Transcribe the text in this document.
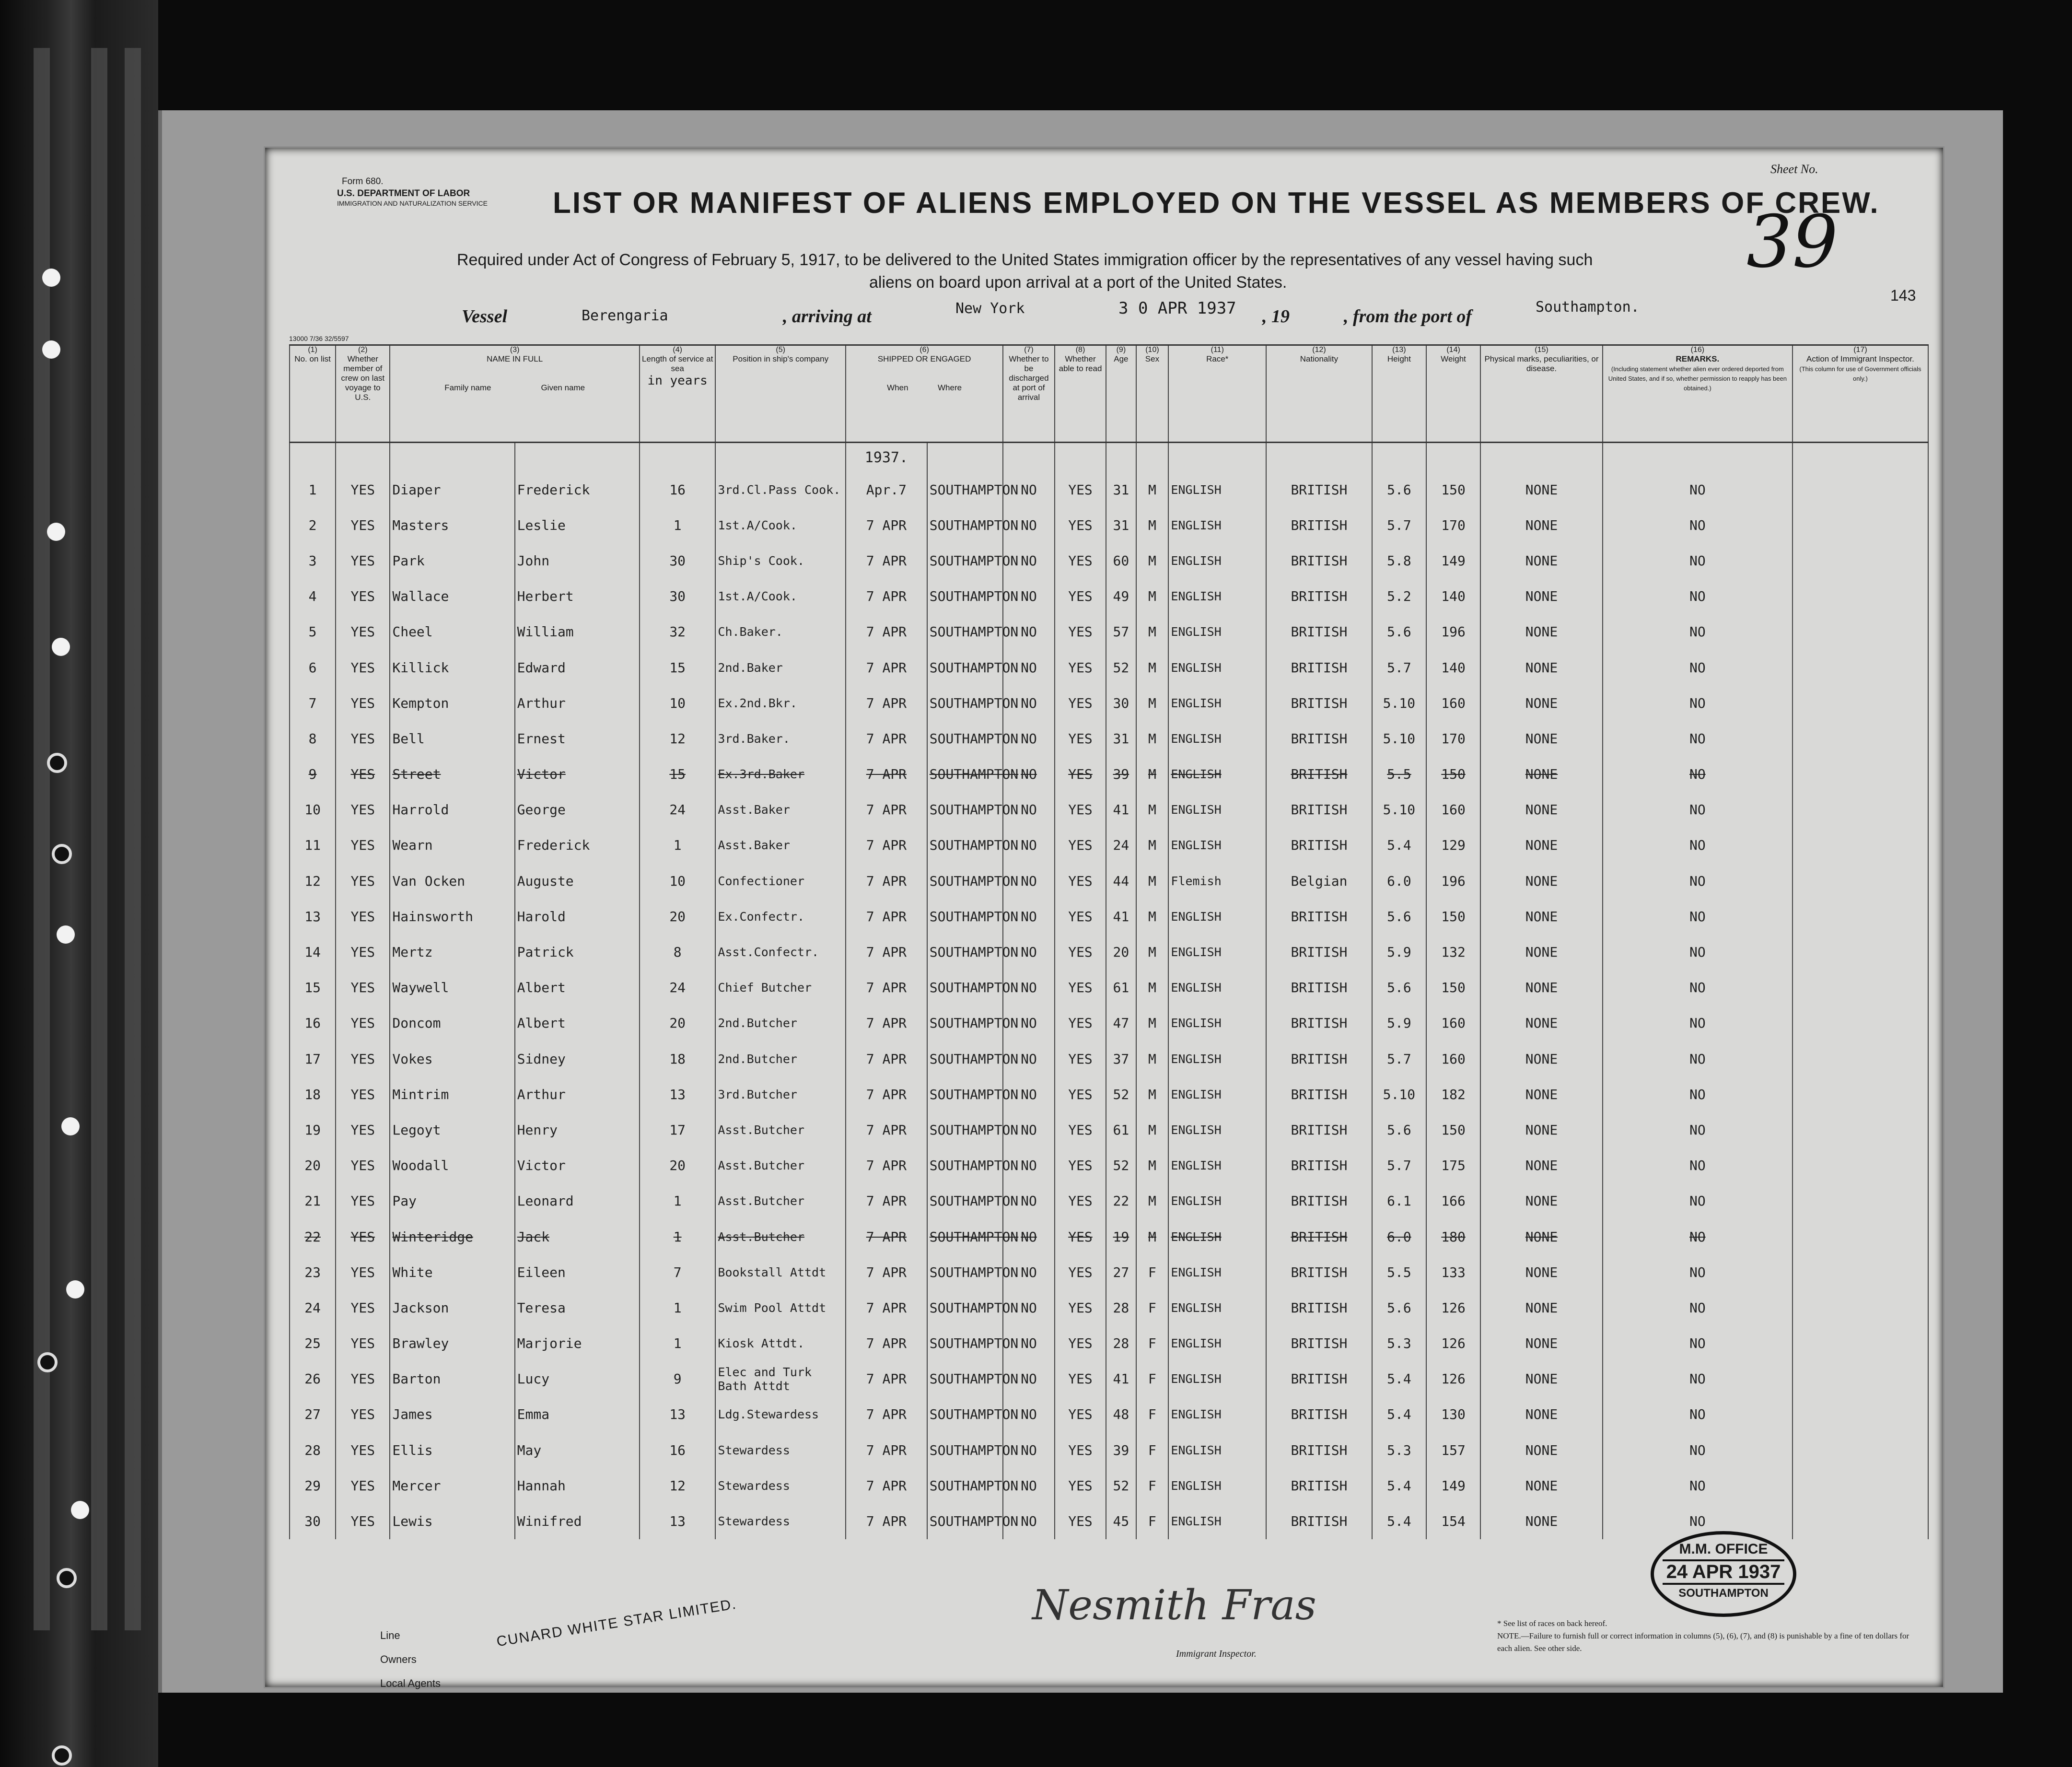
Form 680.
U.S. DEPARTMENT OF LABOR
IMMIGRATION AND NATURALIZATION SERVICE
Sheet No.
LIST OR MANIFEST OF ALIENS EMPLOYED ON THE VESSEL AS MEMBERS OF CREW.
Required under Act of Congress of February 5, 1917, to be delivered to the United States immigration officer by the representatives of any vessel having such
aliens on board upon arrival at a port of the United States.	39
143
Vessel	Berengaria	, arriving at	New York	3 0 APR 1937 , 19	, from the port of	Southampton.
13000 7/36 32/5597
(1)
No. on list	(2)
Whether member of crew on last voyage to U.S.	(3)
NAME IN FULL

Family name Given name		(4)
Length of service at sea
in years	(5)
Position in ship's company	(6)
SHIPPED OR ENGAGED

When Where		(7)
Whether to be discharged at port of arrival	(8)
Whether able to read	(9)
Age	(10)
Sex	(11)
Race*	(12)
Nationality	(13)
Height	(14)
Weight	(15)
Physical marks, peculiarities, or disease.	(16)
REMARKS.
(Including statement whether alien ever ordered deported from United States, and if so, whether permission to reapply has been obtained.)	(17)
Action of Immigrant Inspector.
(This column for use of Government officials only.)
						1937.												
1	YES	Diaper	Frederick	16	3rd.Cl.Pass Cook.	Apr.7	SOUTHAMPTON	NO	YES	31	M	ENGLISH	BRITISH	5.6	150	NONE	NO	
2	YES	Masters	Leslie	1	1st.A/Cook.	7 APR	SOUTHAMPTON	NO	YES	31	M	ENGLISH	BRITISH	5.7	170	NONE	NO	
3	YES	Park	John	30	Ship's Cook.	7 APR	SOUTHAMPTON	NO	YES	60	M	ENGLISH	BRITISH	5.8	149	NONE	NO	
4	YES	Wallace	Herbert	30	1st.A/Cook.	7 APR	SOUTHAMPTON	NO	YES	49	M	ENGLISH	BRITISH	5.2	140	NONE	NO	
5	YES	Cheel	William	32	Ch.Baker.	7 APR	SOUTHAMPTON	NO	YES	57	M	ENGLISH	BRITISH	5.6	196	NONE	NO	
6	YES	Killick	Edward	15	2nd.Baker	7 APR	SOUTHAMPTON	NO	YES	52	M	ENGLISH	BRITISH	5.7	140	NONE	NO	
7	YES	Kempton	Arthur	10	Ex.2nd.Bkr.	7 APR	SOUTHAMPTON	NO	YES	30	M	ENGLISH	BRITISH	5.10	160	NONE	NO	
8	YES	Bell	Ernest	12	3rd.Baker.	7 APR	SOUTHAMPTON	NO	YES	31	M	ENGLISH	BRITISH	5.10	170	NONE	NO	
9	YES	Street	Victor	15	Ex.3rd.Baker	7 APR	SOUTHAMPTON	NO	YES	39	M	ENGLISH	BRITISH	5.5	150	NONE	NO	
10	YES	Harrold	George	24	Asst.Baker	7 APR	SOUTHAMPTON	NO	YES	41	M	ENGLISH	BRITISH	5.10	160	NONE	NO	
11	YES	Wearn	Frederick	1	Asst.Baker	7 APR	SOUTHAMPTON	NO	YES	24	M	ENGLISH	BRITISH	5.4	129	NONE	NO	
12	YES	Van Ocken	Auguste	10	Confectioner	7 APR	SOUTHAMPTON	NO	YES	44	M	Flemish	Belgian	6.0	196	NONE	NO	
13	YES	Hainsworth	Harold	20	Ex.Confectr.	7 APR	SOUTHAMPTON	NO	YES	41	M	ENGLISH	BRITISH	5.6	150	NONE	NO	
14	YES	Mertz	Patrick	8	Asst.Confectr.	7 APR	SOUTHAMPTON	NO	YES	20	M	ENGLISH	BRITISH	5.9	132	NONE	NO	
15	YES	Waywell	Albert	24	Chief Butcher	7 APR	SOUTHAMPTON	NO	YES	61	M	ENGLISH	BRITISH	5.6	150	NONE	NO	
16	YES	Doncom	Albert	20	2nd.Butcher	7 APR	SOUTHAMPTON	NO	YES	47	M	ENGLISH	BRITISH	5.9	160	NONE	NO	
17	YES	Vokes	Sidney	18	2nd.Butcher	7 APR	SOUTHAMPTON	NO	YES	37	M	ENGLISH	BRITISH	5.7	160	NONE	NO	
18	YES	Mintrim	Arthur	13	3rd.Butcher	7 APR	SOUTHAMPTON	NO	YES	52	M	ENGLISH	BRITISH	5.10	182	NONE	NO	
19	YES	Legoyt	Henry	17	Asst.Butcher	7 APR	SOUTHAMPTON	NO	YES	61	M	ENGLISH	BRITISH	5.6	150	NONE	NO	
20	YES	Woodall	Victor	20	Asst.Butcher	7 APR	SOUTHAMPTON	NO	YES	52	M	ENGLISH	BRITISH	5.7	175	NONE	NO	
21	YES	Pay	Leonard	1	Asst.Butcher	7 APR	SOUTHAMPTON	NO	YES	22	M	ENGLISH	BRITISH	6.1	166	NONE	NO	
22	YES	Winteridge	Jack	1	Asst.Butcher	7 APR	SOUTHAMPTON	NO	YES	19	M	ENGLISH	BRITISH	6.0	180	NONE	NO	
23	YES	White	Eileen	7	Bookstall Attdt	7 APR	SOUTHAMPTON	NO	YES	27	F	ENGLISH	BRITISH	5.5	133	NONE	NO	
24	YES	Jackson	Teresa	1	Swim Pool Attdt	7 APR	SOUTHAMPTON	NO	YES	28	F	ENGLISH	BRITISH	5.6	126	NONE	NO	
25	YES	Brawley	Marjorie	1	Kiosk Attdt.	7 APR	SOUTHAMPTON	NO	YES	28	F	ENGLISH	BRITISH	5.3	126	NONE	NO	
26	YES	Barton	Lucy	9	Elec and Turk Bath Attdt	7 APR	SOUTHAMPTON	NO	YES	41	F	ENGLISH	BRITISH	5.4	126	NONE	NO	
27	YES	James	Emma	13	Ldg.Stewardess	7 APR	SOUTHAMPTON	NO	YES	48	F	ENGLISH	BRITISH	5.4	130	NONE	NO	
28	YES	Ellis	May	16	Stewardess	7 APR	SOUTHAMPTON	NO	YES	39	F	ENGLISH	BRITISH	5.3	157	NONE	NO	
29	YES	Mercer	Hannah	12	Stewardess	7 APR	SOUTHAMPTON	NO	YES	52	F	ENGLISH	BRITISH	5.4	149	NONE	NO	
30	YES	Lewis	Winifred	13	Stewardess	7 APR	SOUTHAMPTON	NO	YES	45	F	ENGLISH	BRITISH	5.4	154	NONE	NO	
Line
Owners
Local Agents
CUNARD WHITE STAR LIMITED.	Nesmith Fras
Immigrant Inspector.
* See list of races on back hereof.
NOTE.—Failure to furnish full or correct information in columns (5), (6), (7), and (8) is punishable by a fine of ten dollars for each alien. See other side.
M.M. OFFICE
24 APR 1937
SOUTHAMPTON
